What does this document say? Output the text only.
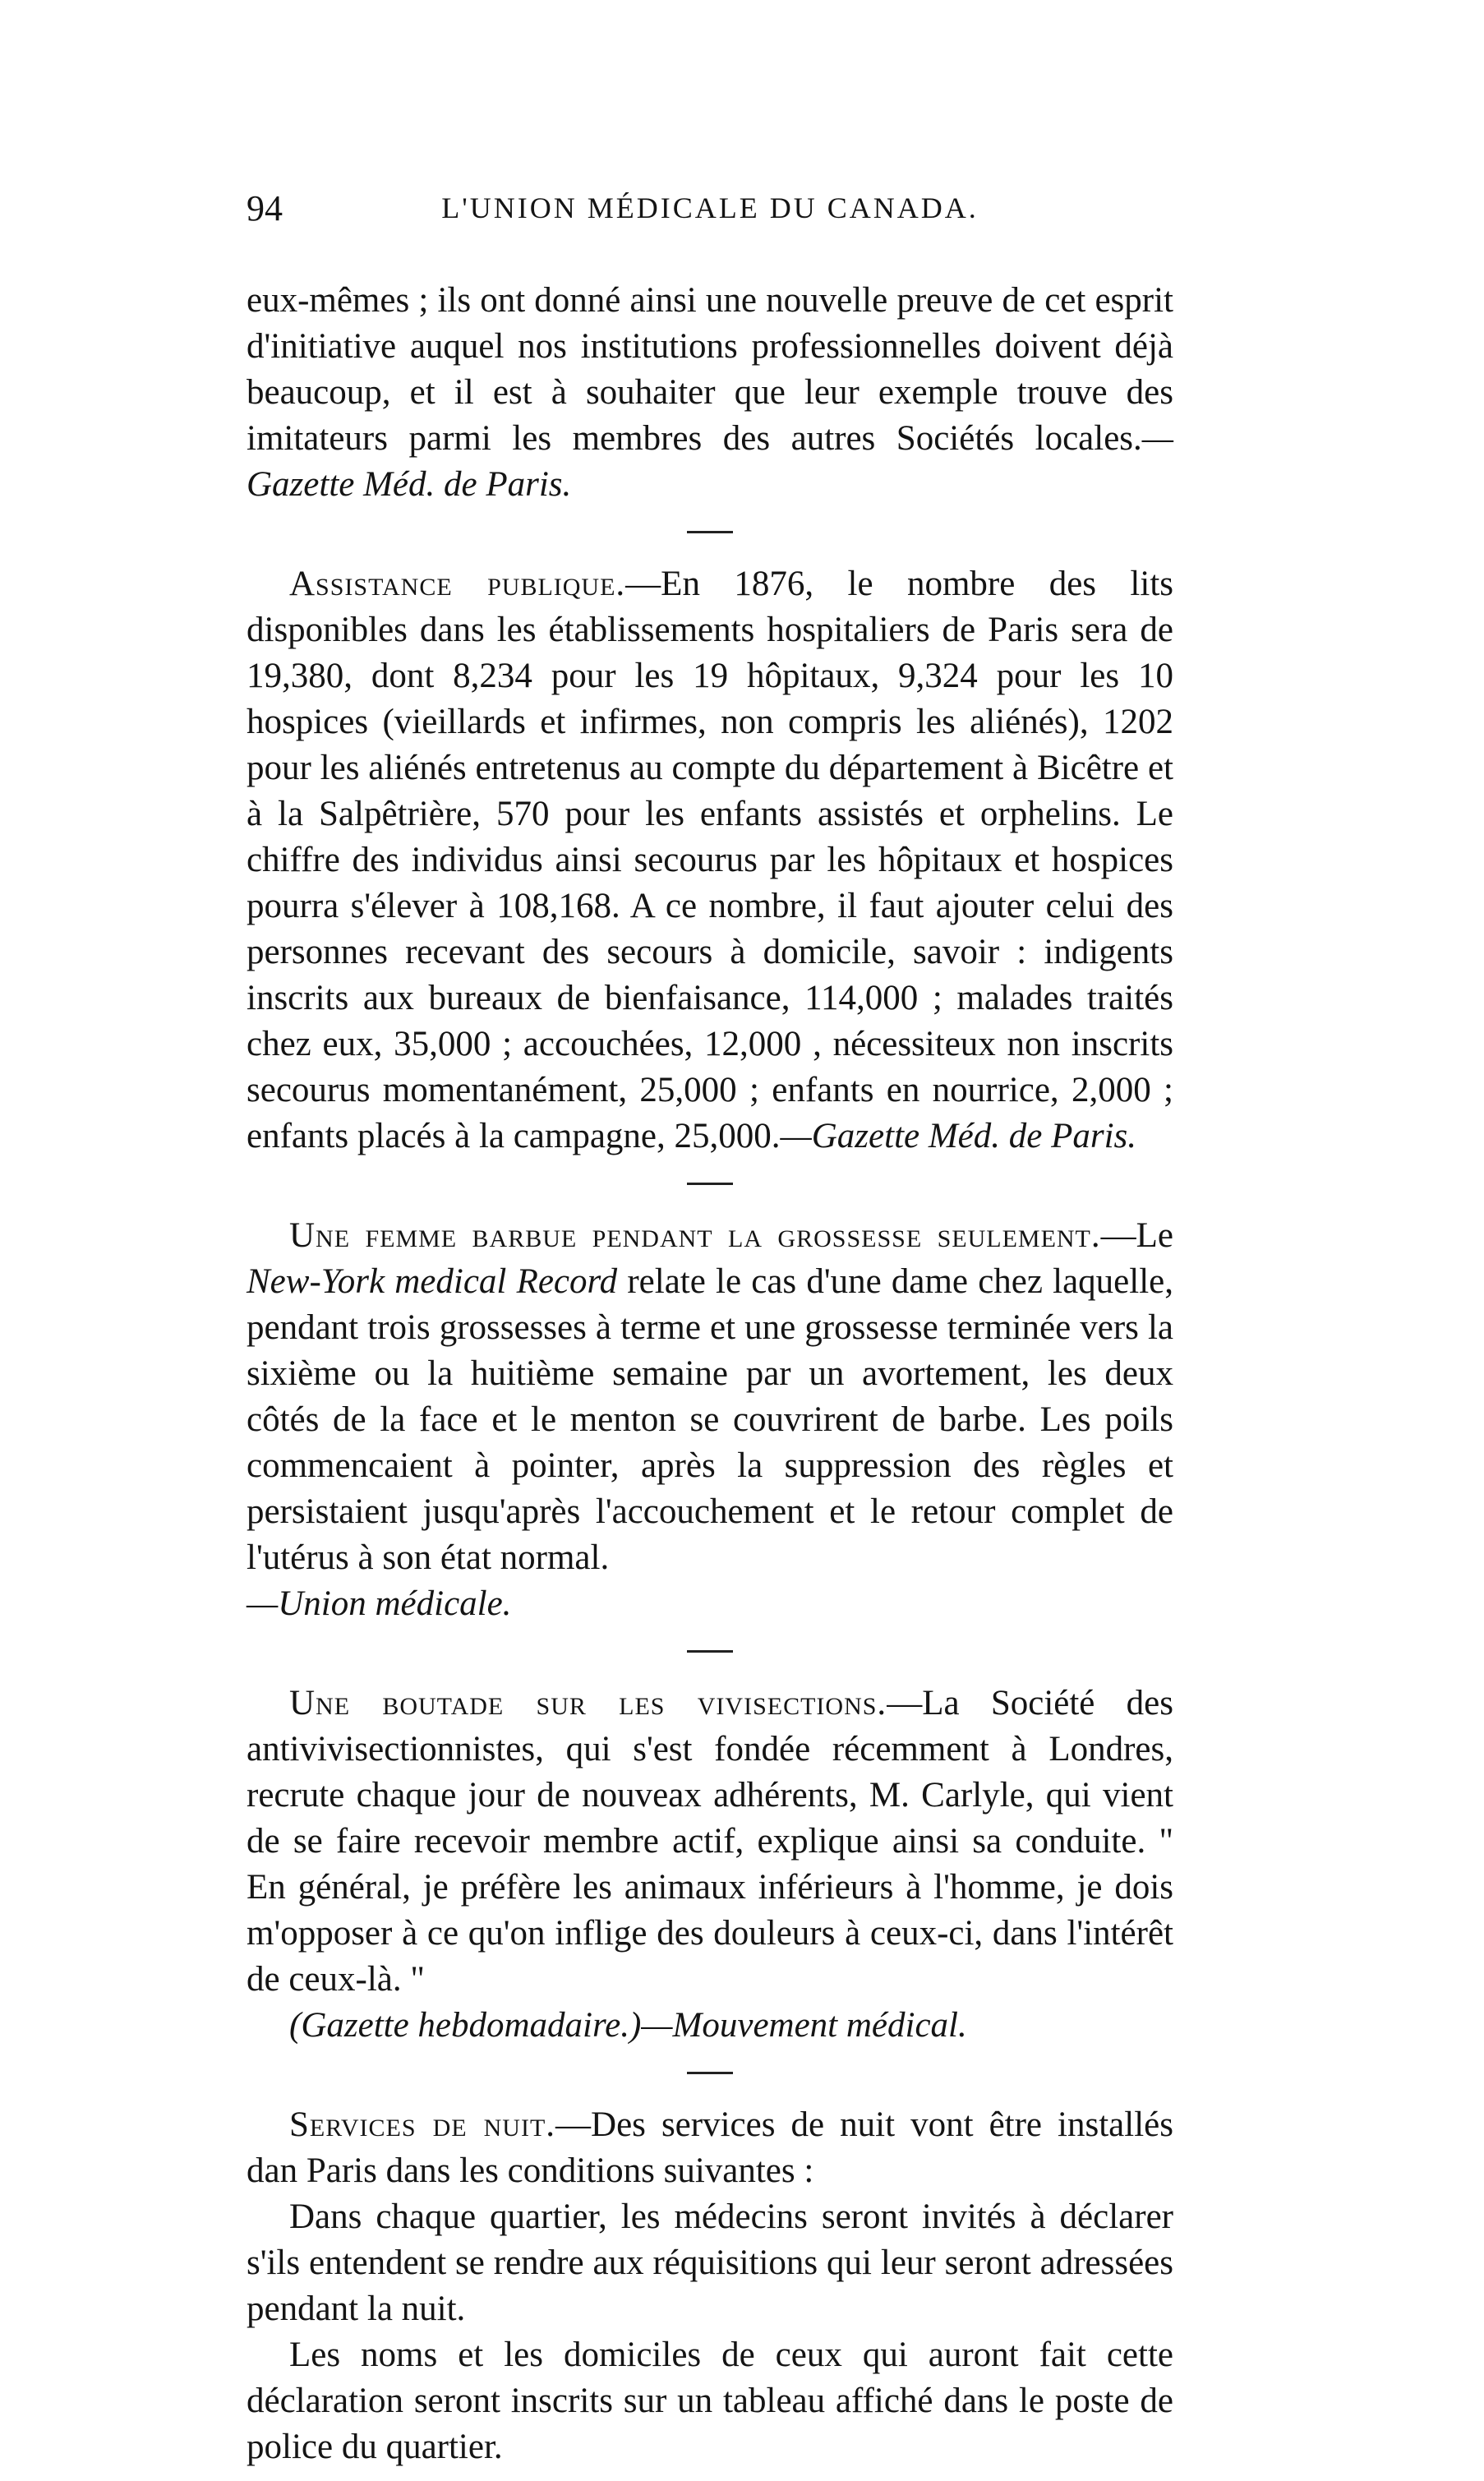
94	L'UNION MÉDICALE DU CANADA.

eux-mêmes ; ils ont donné ainsi une nouvelle preuve de cet esprit d'initiative auquel nos institutions professionnelles doivent déjà beaucoup, et il est à souhaiter que leur exemple trouve des imitateurs parmi les membres des autres Sociétés locales.—Gazette Méd. de Paris.

Assistance publique.—En 1876, le nombre des lits disponibles dans les établissements hospitaliers de Paris sera de 19,380, dont 8,234 pour les 19 hôpitaux, 9,324 pour les 10 hospices (vieillards et infirmes, non compris les aliénés), 1202 pour les aliénés entretenus au compte du département à Bicêtre et à la Salpêtrière, 570 pour les enfants assistés et orphelins. Le chiffre des individus ainsi secourus par les hôpitaux et hospices pourra s'élever à 108,168. A ce nombre, il faut ajouter celui des personnes recevant des secours à domicile, savoir : indigents inscrits aux bureaux de bienfaisance, 114,000 ; malades traités chez eux, 35,000 ; accouchées, 12,000 , nécessiteux non inscrits secourus momentanément, 25,000 ; enfants en nourrice, 2,000 ; enfants placés à la campagne, 25,000.—Gazette Méd. de Paris.

Une femme barbue pendant la grossesse seulement.—Le New-York medical Record relate le cas d'une dame chez laquelle, pendant trois grossesses à terme et une grossesse terminée vers la sixième ou la huitième semaine par un avortement, les deux côtés de la face et le menton se couvrirent de barbe. Les poils commencaient à pointer, après la suppression des règles et persistaient jusqu'après l'accouchement et le retour complet de l'utérus à son état normal.

—Union médicale.

Une boutade sur les vivisections.—La Société des antivivisectionnistes, qui s'est fondée récemment à Londres, recrute chaque jour de nouveax adhérents, M. Carlyle, qui vient de se faire recevoir membre actif, explique ainsi sa conduite. " En général, je préfère les animaux inférieurs à l'homme, je dois m'opposer à ce qu'on inflige des douleurs à ceux-ci, dans l'intérêt de ceux-là. "

(Gazette hebdomadaire.)—Mouvement médical.

Services de nuit.—Des services de nuit vont être installés dan Paris dans les conditions suivantes :

Dans chaque quartier, les médecins seront invités à déclarer s'ils entendent se rendre aux réquisitions qui leur seront adressées pendant la nuit.

Les noms et les domiciles de ceux qui auront fait cette déclaration seront inscrits sur un tableau affiché dans le poste de police du quartier.
